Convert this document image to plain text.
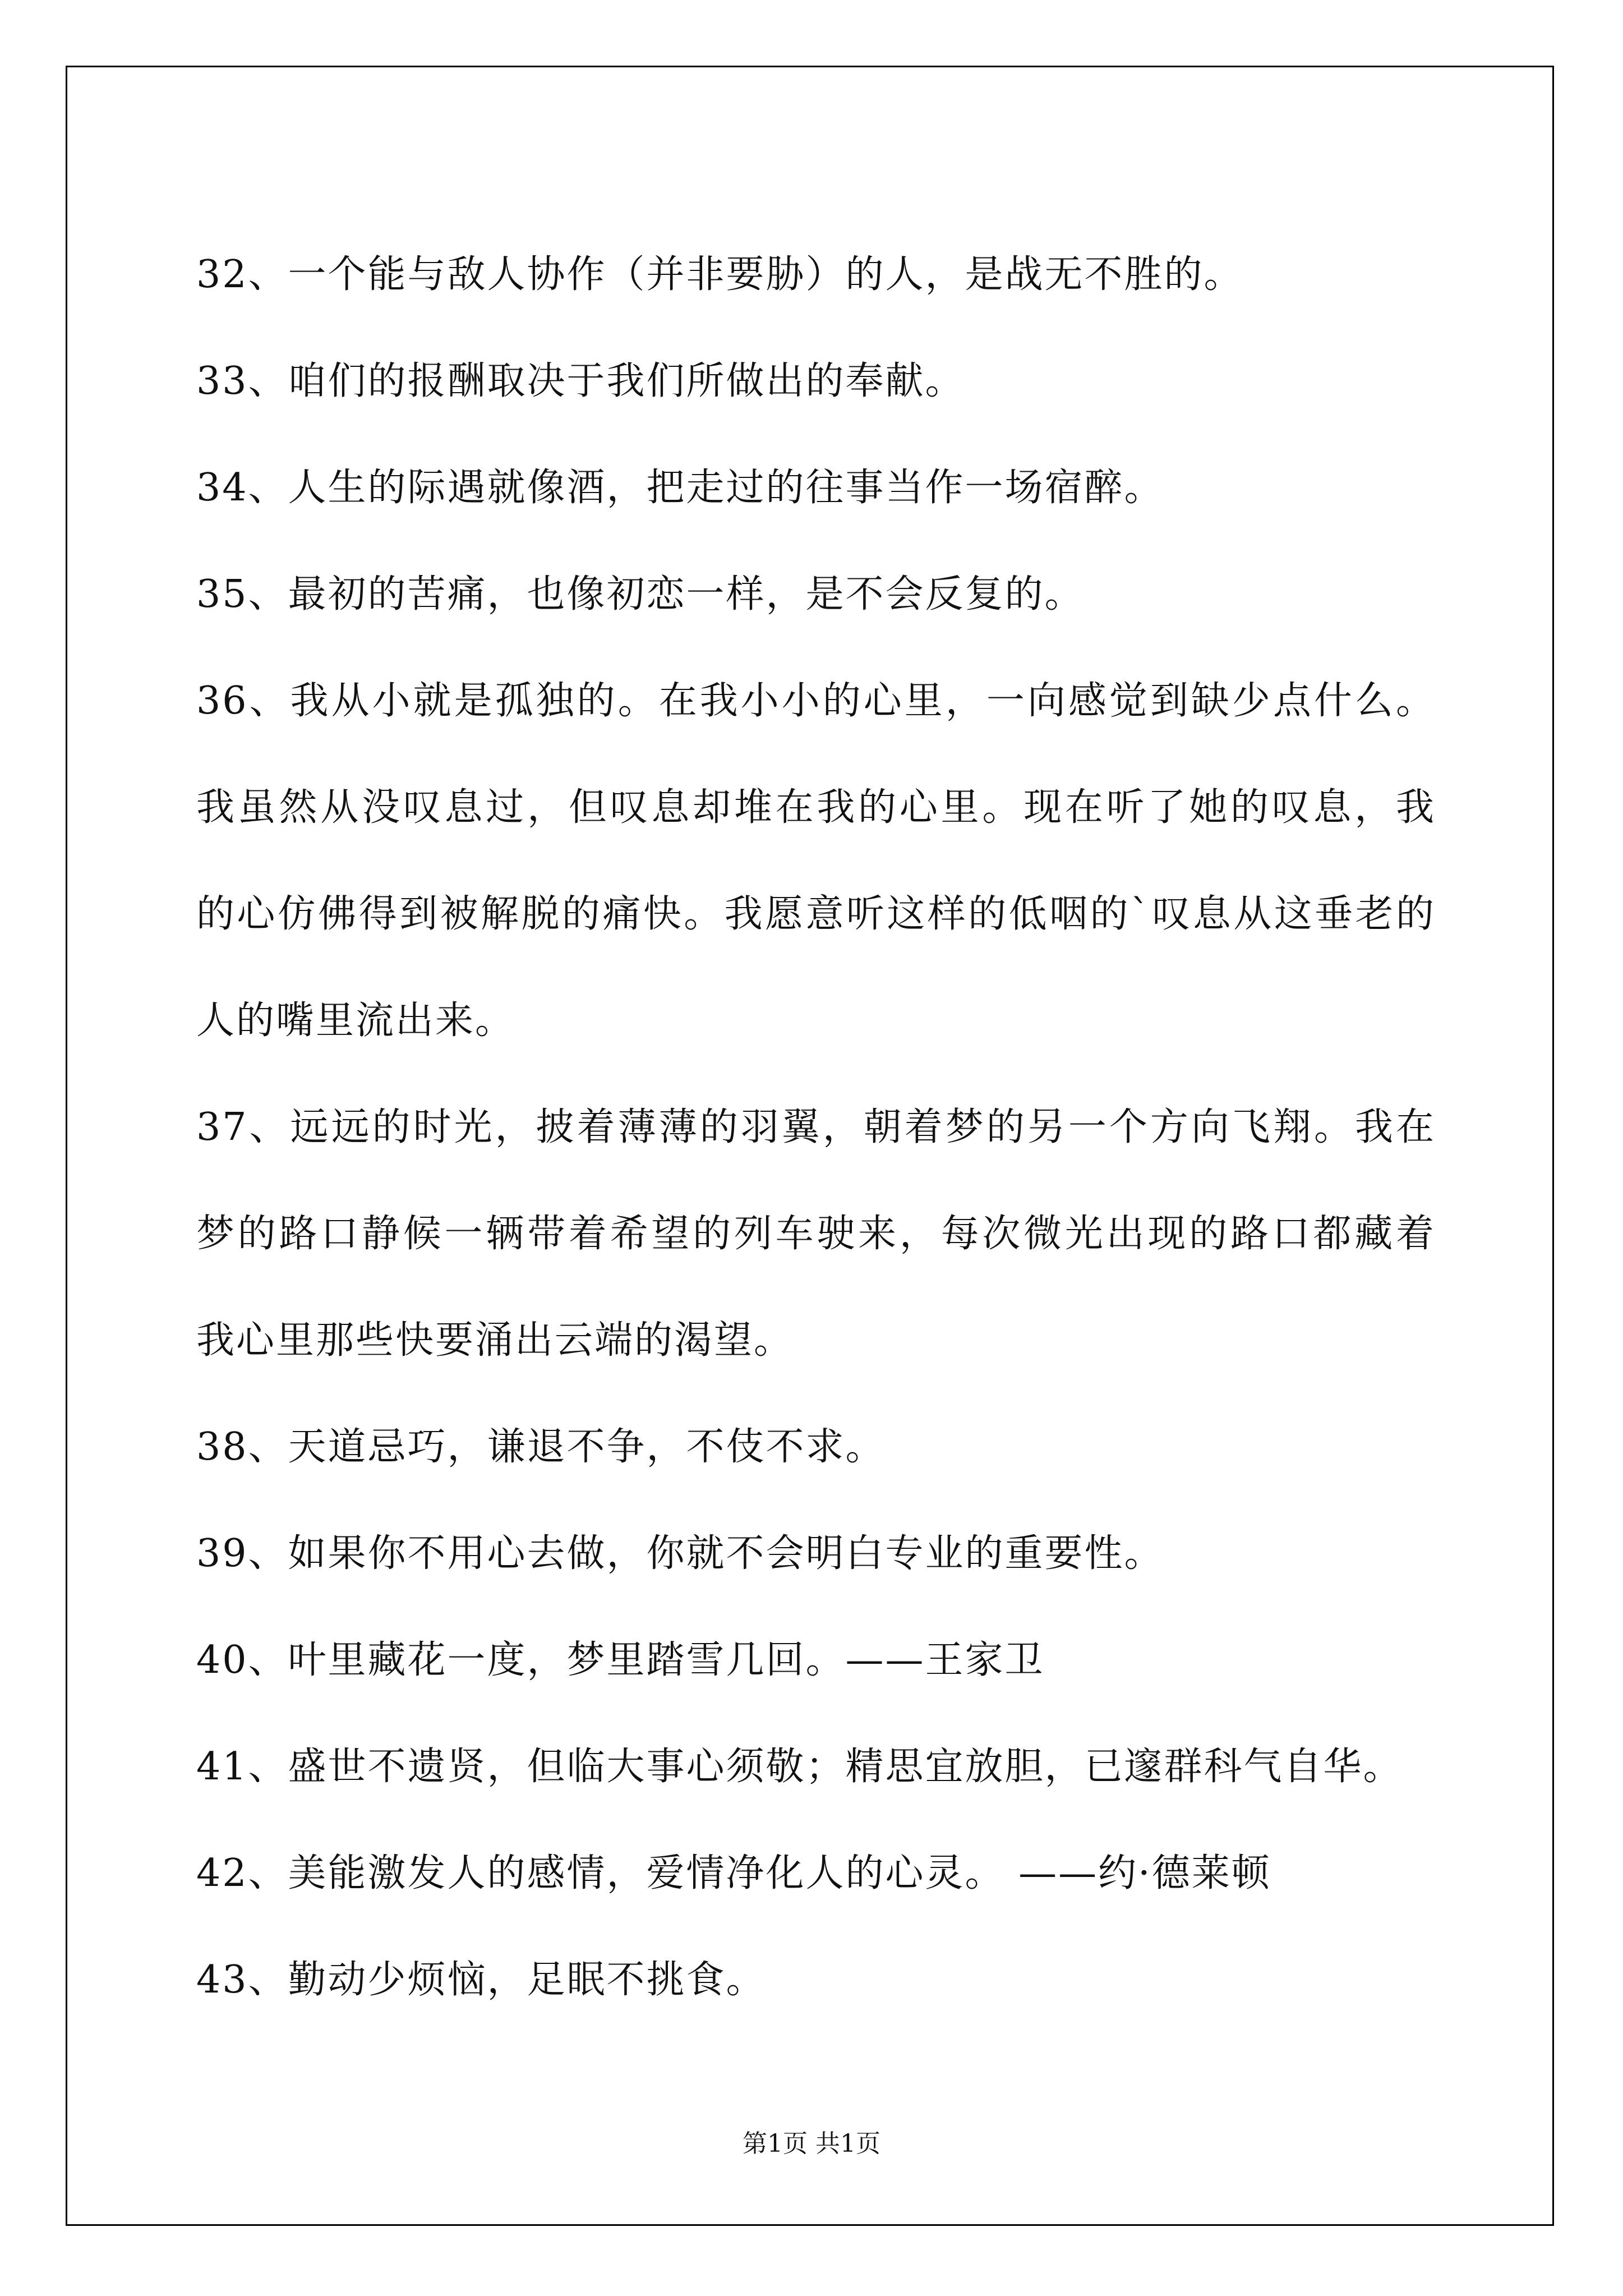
32、一个能与敌人协作（并非要胁）的人，是战无不胜的。

33、咱们的报酬取决于我们所做出的奉献。

34、人生的际遇就像酒，把走过的往事当作一场宿醉。

35、最初的苦痛，也像初恋一样，是不会反复的。

36、我从小就是孤独的。在我小小的心里，一向感觉到缺少点什么。
我虽然从没叹息过，但叹息却堆在我的心里。现在听了她的叹息，我
的心仿佛得到被解脱的痛快。我愿意听这样的低咽的`叹息从这垂老的
人的嘴里流出来。

37、远远的时光，披着薄薄的羽翼，朝着梦的另一个方向飞翔。我在
梦的路口静候一辆带着希望的列车驶来，每次微光出现的路口都藏着
我心里那些快要涌出云端的渴望。

38、天道忌巧，谦退不争，不伎不求。

39、如果你不用心去做，你就不会明白专业的重要性。

40、叶里藏花一度，梦里踏雪几回。——王家卫

41、盛世不遗贤，但临大事心须敬；精思宜放胆，已邃群科气自华。

42、美能激发人的感情，爱情净化人的心灵。 ——约·德莱顿

43、勤动少烦恼，足眠不挑食。

第1页 共1页
